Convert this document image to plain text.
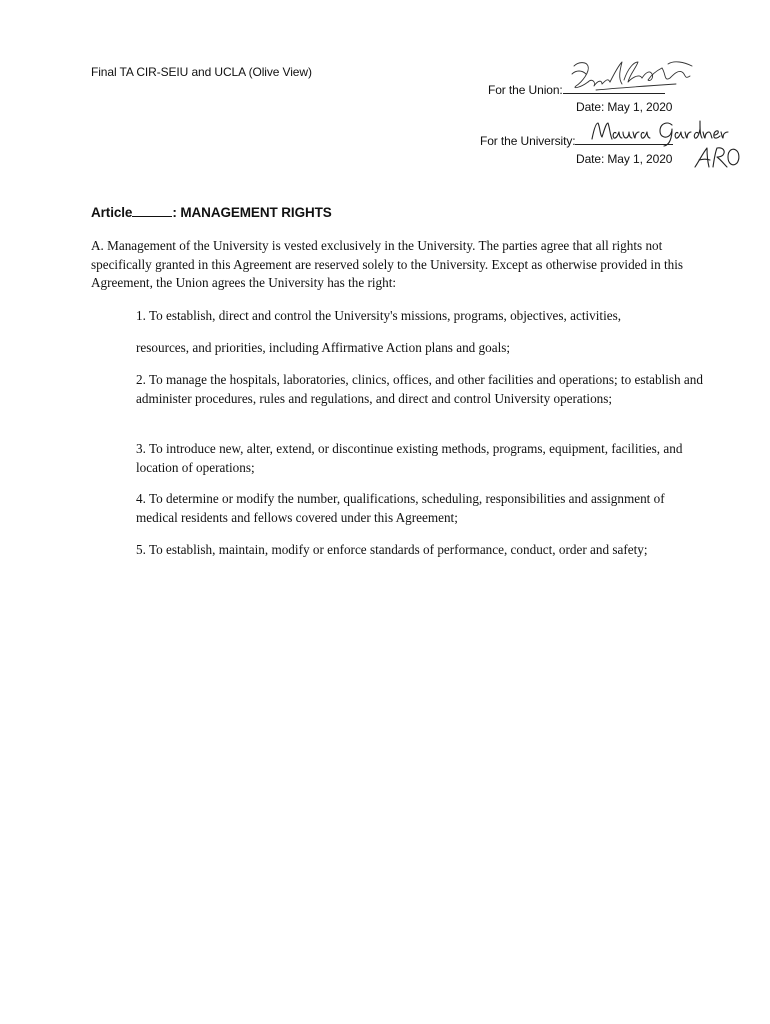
Final TA CIR-SEIU and UCLA (Olive View)
For the Union:
Date: May 1, 2020
For the University:
Date: May 1, 2020
Article	: MANAGEMENT RIGHTS

A. Management of the University is vested exclusively in the University. The parties agree that all rights not specifically granted in this Agreement are reserved solely to the University. Except as otherwise provided in this Agreement, the Union agrees the University has the right:

1. To establish, direct and control the University's missions, programs, objectives, activities,

resources, and priorities, including Affirmative Action plans and goals;

2. To manage the hospitals, laboratories, clinics, offices, and other facilities and operations; to establish and administer procedures, rules and regulations, and direct and control University operations;

3. To introduce new, alter, extend, or discontinue existing methods, programs, equipment, facilities, and location of operations;

4. To determine or modify the number, qualifications, scheduling, responsibilities and assignment of medical residents and fellows covered under this Agreement;

5. To establish, maintain, modify or enforce standards of performance, conduct, order and safety;
